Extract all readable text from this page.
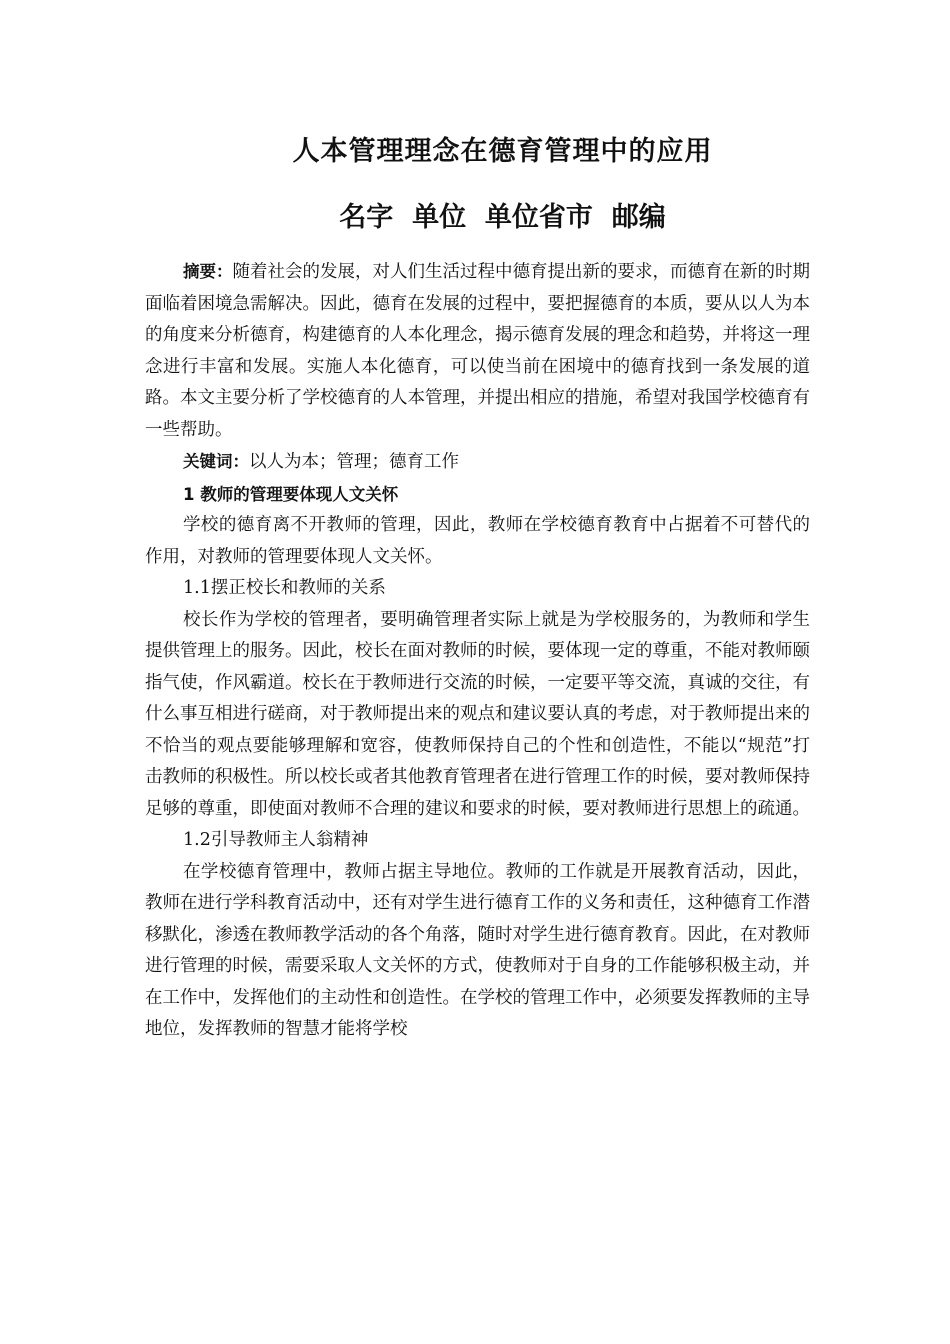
人本管理理念在德育管理中的应用
名字  单位  单位省市  邮编

摘要：随着社会的发展，对人们生活过程中德育提出新的要求，而德育在新的时期面临着困境急需解决。因此，德育在发展的过程中，要把握德育的本质，要从以人为本的角度来分析德育，构建德育的人本化理念，揭示德育发展的理念和趋势，并将这一理念进行丰富和发展。实施人本化德育，可以使当前在困境中的德育找到一条发展的道路。本文主要分析了学校德育的人本管理，并提出相应的措施，希望对我国学校德育有一些帮助。

关键词：以人为本；管理；德育工作

1 教师的管理要体现人文关怀

学校的德育离不开教师的管理，因此，教师在学校德育教育中占据着不可替代的作用，对教师的管理要体现人文关怀。

1.1摆正校长和教师的关系

校长作为学校的管理者，要明确管理者实际上就是为学校服务的，为教师和学生提供管理上的服务。因此，校长在面对教师的时候，要体现一定的尊重，不能对教师颐指气使，作风霸道。校长在于教师进行交流的时候，一定要平等交流，真诚的交往，有什么事互相进行磋商，对于教师提出来的观点和建议要认真的考虑，对于教师提出来的不恰当的观点要能够理解和宽容，使教师保持自己的个性和创造性，不能以“规范”打击教师的积极性。所以校长或者其他教育管理者在进行管理工作的时候，要对教师保持足够的尊重，即使面对教师不合理的建议和要求的时候，要对教师进行思想上的疏通。

1.2引导教师主人翁精神

在学校德育管理中，教师占据主导地位。教师的工作就是开展教育活动，因此，教师在进行学科教育活动中，还有对学生进行德育工作的义务和责任，这种德育工作潜移默化，渗透在教师教学活动的各个角落，随时对学生进行德育教育。因此，在对教师进行管理的时候，需要采取人文关怀的方式，使教师对于自身的工作能够积极主动，并在工作中，发挥他们的主动性和创造性。在学校的管理工作中，必须要发挥教师的主导地位，发挥教师的智慧才能将学校
